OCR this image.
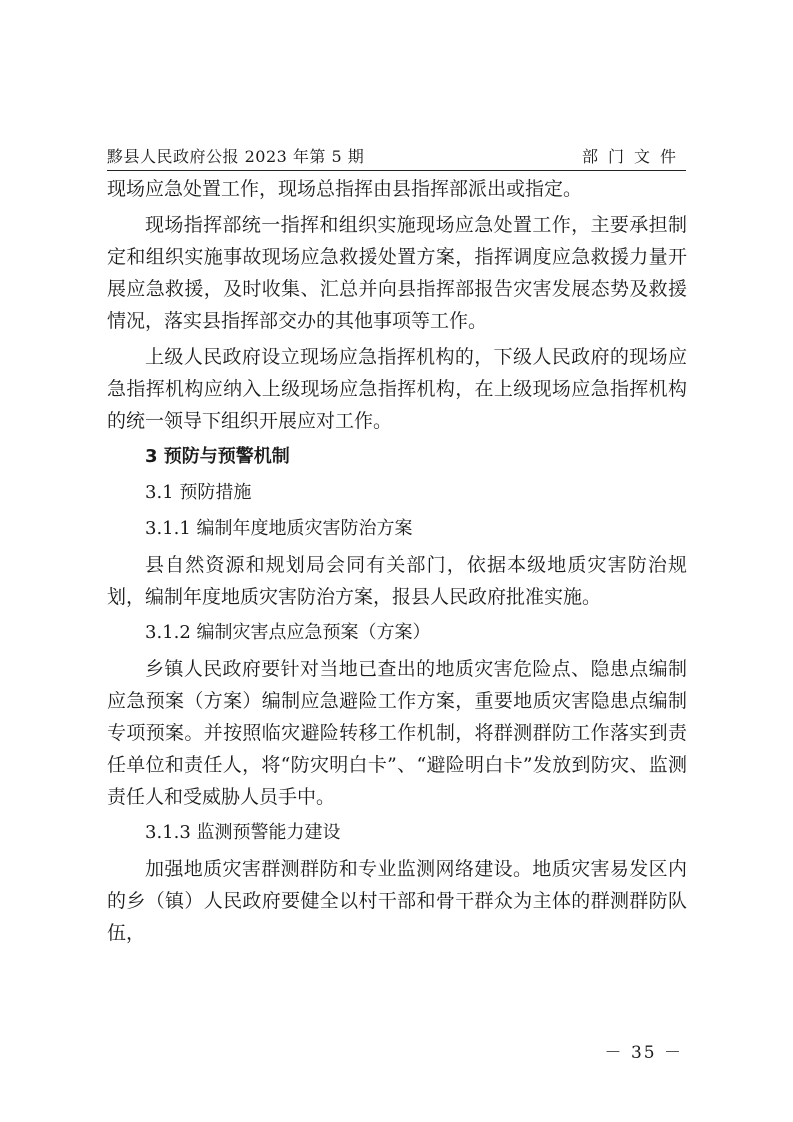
黟县人民政府公报 2023 年第 5 期	部门文件

现场应急处置工作，现场总指挥由县指挥部派出或指定。

现场指挥部统一指挥和组织实施现场应急处置工作，主要承担制定和组织实施事故现场应急救援处置方案，指挥调度应急救援力量开展应急救援，及时收集、汇总并向县指挥部报告灾害发展态势及救援情况，落实县指挥部交办的其他事项等工作。

上级人民政府设立现场应急指挥机构的，下级人民政府的现场应急指挥机构应纳入上级现场应急指挥机构，在上级现场应急指挥机构的统一领导下组织开展应对工作。

3 预防与预警机制

3.1 预防措施

3.1.1 编制年度地质灾害防治方案

县自然资源和规划局会同有关部门，依据本级地质灾害防治规划，编制年度地质灾害防治方案，报县人民政府批准实施。

3.1.2 编制灾害点应急预案（方案）

乡镇人民政府要针对当地已查出的地质灾害危险点、隐患点编制应急预案（方案）编制应急避险工作方案，重要地质灾害隐患点编制专项预案。并按照临灾避险转移工作机制，将群测群防工作落实到责任单位和责任人，将“防灾明白卡”、“避险明白卡”发放到防灾、监测责任人和受威胁人员手中。

3.1.3 监测预警能力建设

加强地质灾害群测群防和专业监测网络建设。地质灾害易发区内的乡（镇）人民政府要健全以村干部和骨干群众为主体的群测群防队伍，

－ 35 －
